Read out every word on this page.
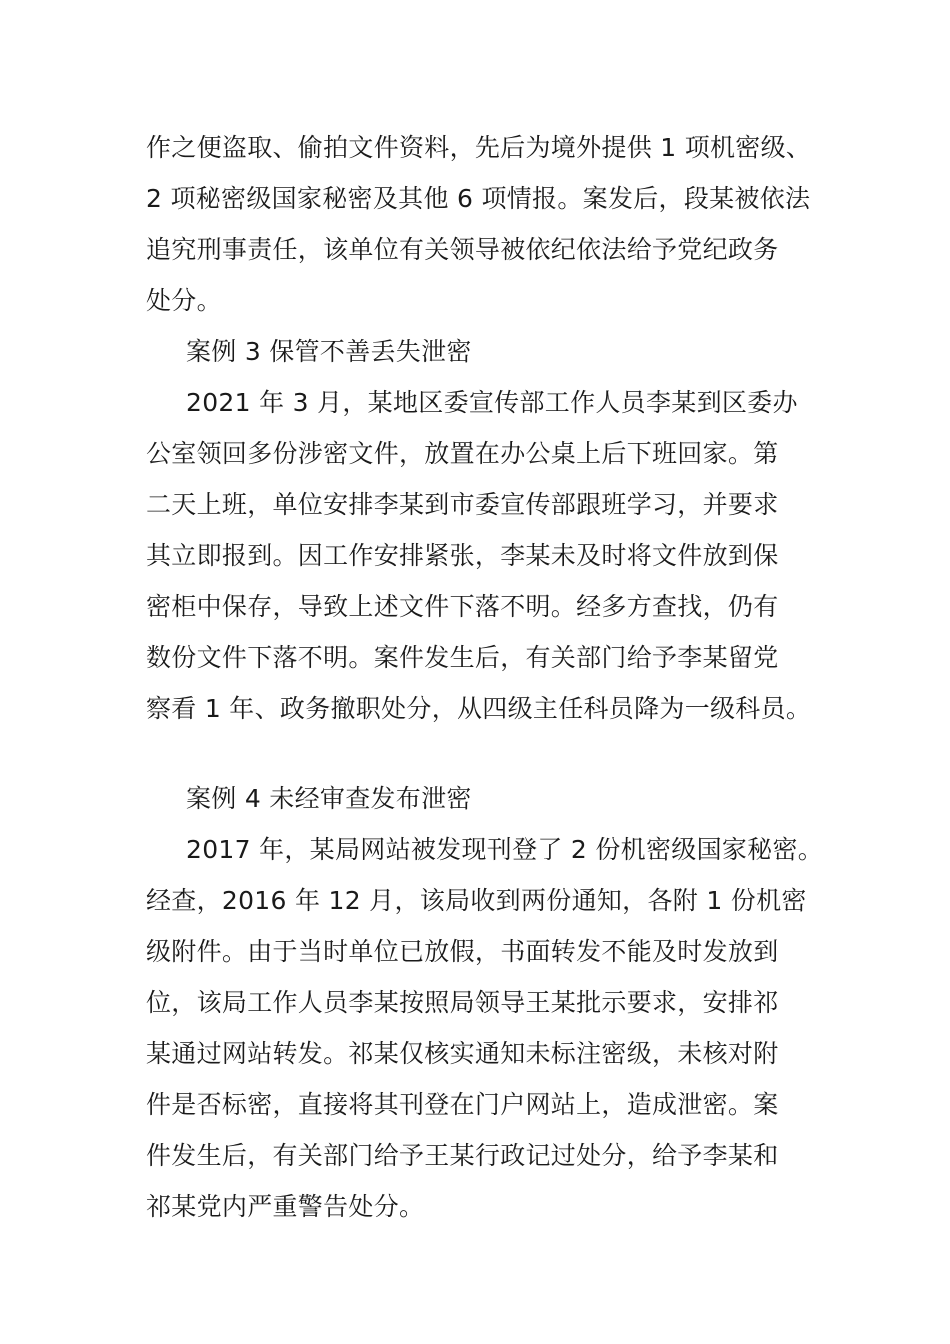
作之便盗取、偷拍文件资料，先后为境外提供 1 项机密级、
2 项秘密级国家秘密及其他 6 项情报。案发后，段某被依法
追究刑事责任，该单位有关领导被依纪依法给予党纪政务
处分。
案例 3 保管不善丢失泄密
2021 年 3 月，某地区委宣传部工作人员李某到区委办
公室领回多份涉密文件，放置在办公桌上后下班回家。第
二天上班，单位安排李某到市委宣传部跟班学习，并要求
其立即报到。因工作安排紧张，李某未及时将文件放到保
密柜中保存，导致上述文件下落不明。经多方查找，仍有
数份文件下落不明。案件发生后，有关部门给予李某留党
察看 1 年、政务撤职处分，从四级主任科员降为一级科员。
案例 4 未经审查发布泄密
2017 年，某局网站被发现刊登了 2 份机密级国家秘密。
经查，2016 年 12 月，该局收到两份通知，各附 1 份机密
级附件。由于当时单位已放假，书面转发不能及时发放到
位，该局工作人员李某按照局领导王某批示要求，安排祁
某通过网站转发。祁某仅核实通知未标注密级，未核对附
件是否标密，直接将其刊登在门户网站上，造成泄密。案
件发生后，有关部门给予王某行政记过处分，给予李某和
祁某党内严重警告处分。
